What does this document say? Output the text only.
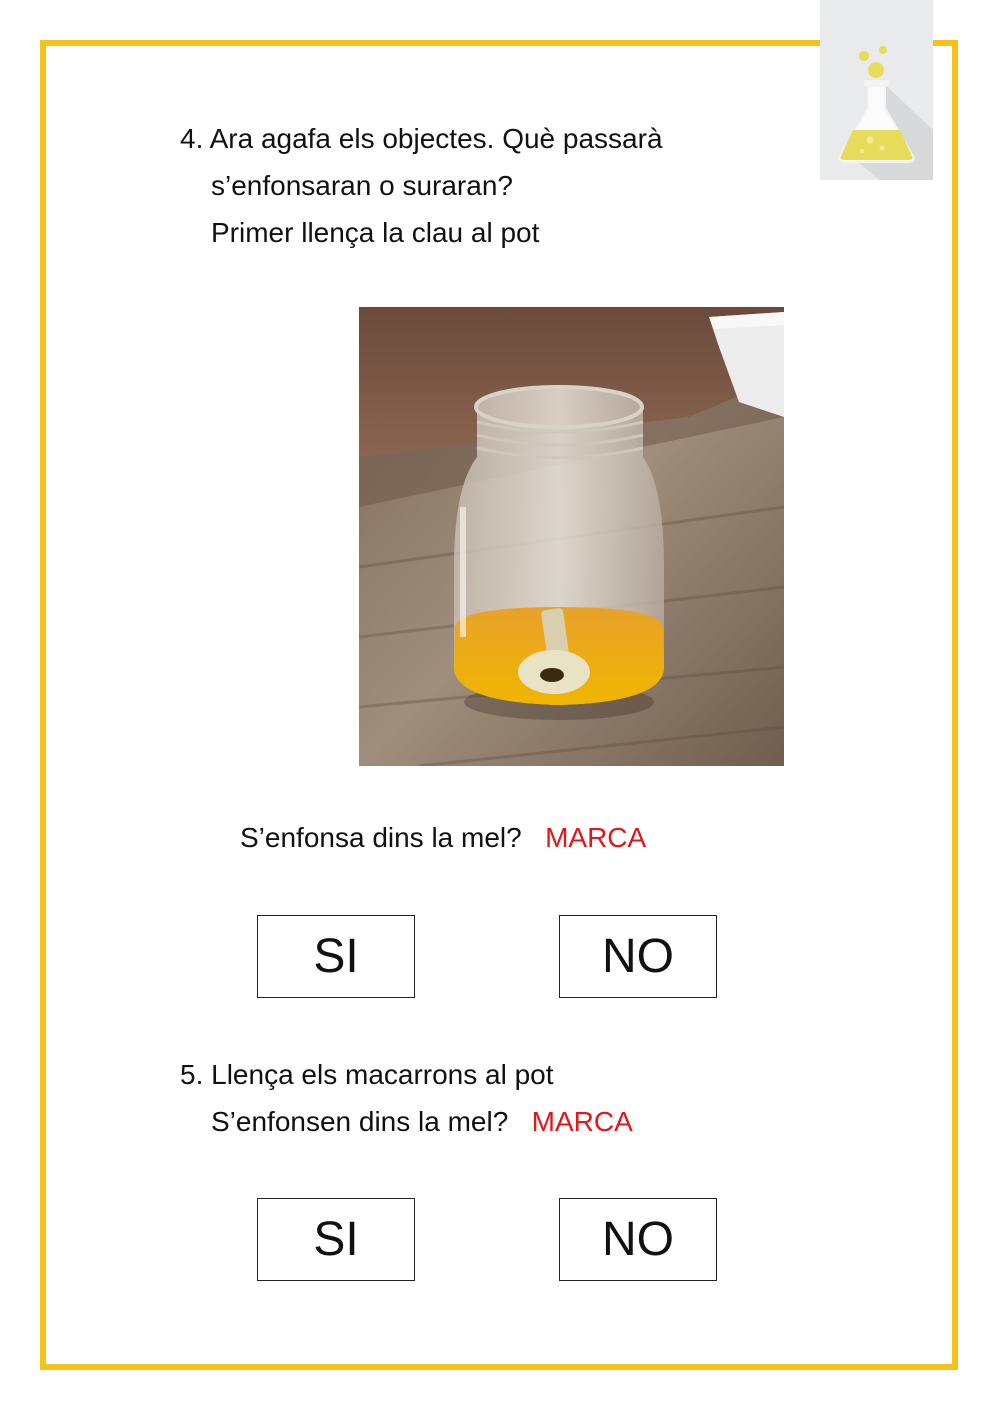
4. Ara agafa els objectes. Què passarà

s’enfonsaran o suraran?

Primer llença la clau al pot

S’enfonsa dins la mel? MARCA

SI	NO

5. Llença els macarrons al pot

S’enfonsen dins la mel? MARCA

SI	NO
